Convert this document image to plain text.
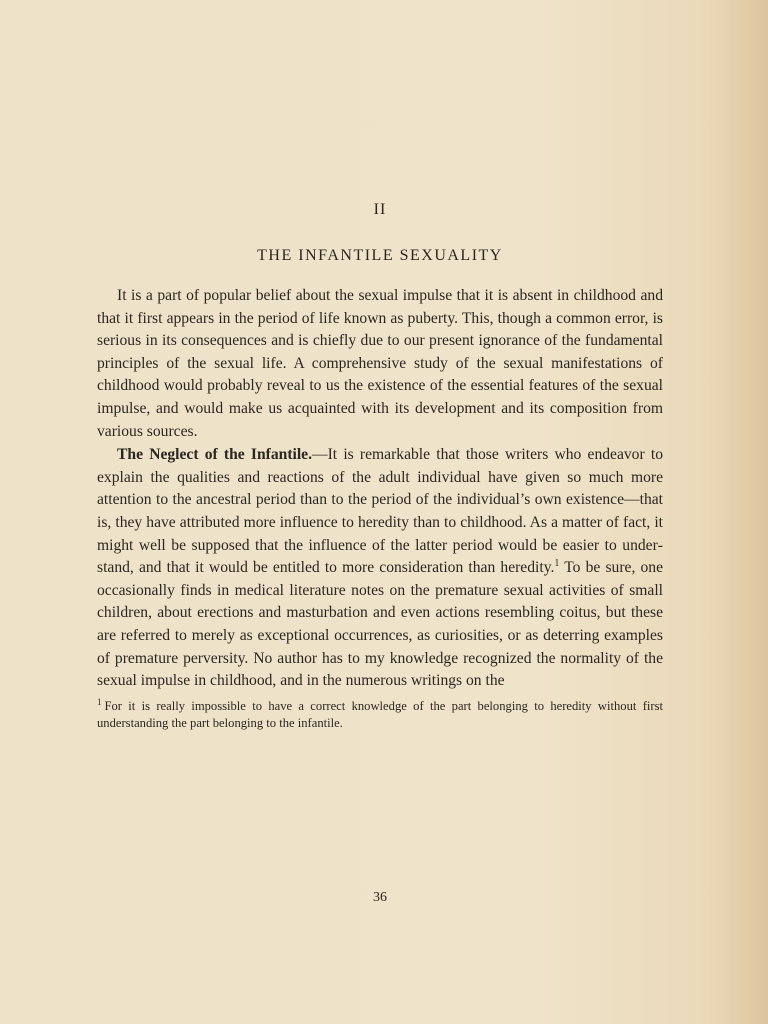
II
THE INFANTILE SEXUALITY

It is a part of popular belief about the sexual impulse that it is absent in childhood and that it first appears in the period of life known as puberty. This, though a common error, is serious in its consequences and is chiefly due to our present ignorance of the fundamental principles of the sexual life. A comprehensive study of the sexual manifestations of childhood would probably reveal to us the existence of the essential features of the sexual impulse, and would make us acquainted with its development and its composition from various sources.

The Neglect of the Infantile.—It is remarkable that those writers who endeavor to explain the qualities and reactions of the adult individual have given so much more attention to the ancestral period than to the period of the individual’s own existence—that is, they have attributed more influence to heredity than to childhood. As a matter of fact, it might well be supposed that the influence of the latter period would be easier to understand, and that it would be entitled to more consideration than heredity.$^1$ To be sure, one occasionally finds in medical literature notes on the premature sexual activities of small children, about erections and masturbation and even actions resembling coitus, but these are referred to merely as exceptional occurrences, as curiosities, or as deterring examples of premature perversity. No author has to my knowledge recognized the normality of the sexual impulse in childhood, and in the numerous writings on the

$^1$ For it is really impossible to have a correct knowledge of the part belonging to heredity without first understanding the part belonging to the infantile.

36
